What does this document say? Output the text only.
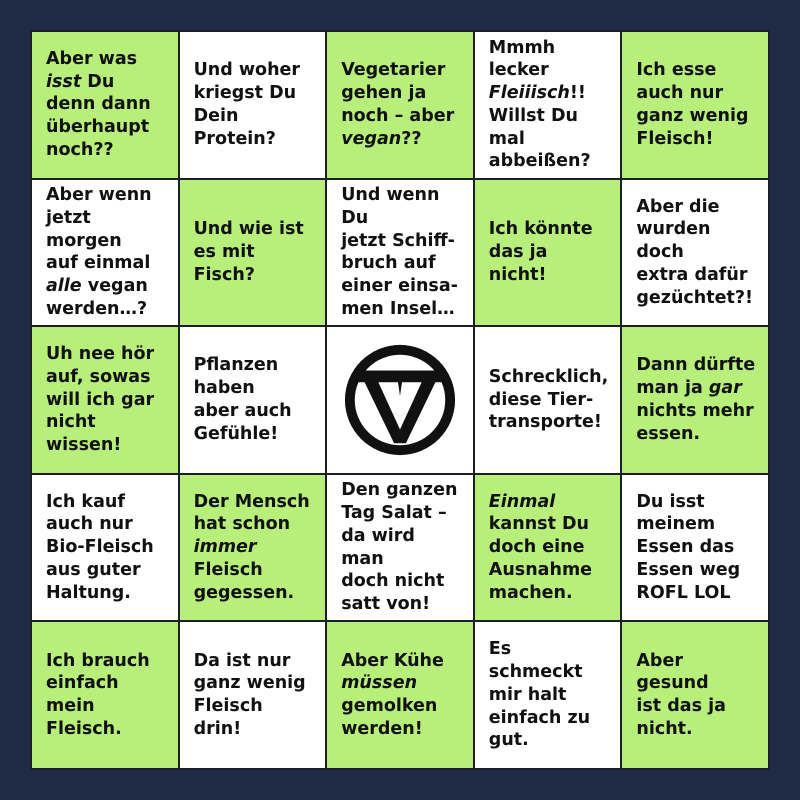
Aber was
isst Du
denn dann
überhaupt
noch??
Und woher
kriegst Du
Dein Protein?
Vegetarier
gehen ja
noch – aber
vegan??
Mmmh lecker
Fleiiisch!!
Willst Du mal
abbeißen?
Ich esse
auch nur
ganz wenig
Fleisch!
Aber wenn
jetzt morgen
auf einmal
alle vegan
werden…?
Und wie ist
es mit Fisch?
Und wenn Du
jetzt Schiff-
bruch auf
einer einsa-
men Insel…
Ich könnte
das ja nicht!
Aber die
wurden doch
extra dafür
gezüchtet?!
Uh nee hör
auf, sowas
will ich gar
nicht wissen!
Pflanzen
haben
aber auch
Gefühle!
Schrecklich,
diese Tier-
transporte!
Dann dürfte
man ja gar
nichts mehr
essen.
Ich kauf
auch nur
Bio-Fleisch
aus guter
Haltung.
Der Mensch
hat schon
immer
Fleisch
gegessen.
Den ganzen
Tag Salat –
da wird man
doch nicht
satt von!
Einmal
kannst Du
doch eine
Ausnahme
machen.
Du isst
meinem
Essen das
Essen weg
ROFL LOL
Ich brauch
einfach mein
Fleisch.
Da ist nur
ganz wenig
Fleisch drin!
Aber Kühe
müssen
gemolken
werden!
Es schmeckt
mir halt
einfach zu
gut.
Aber gesund
ist das ja
nicht.
